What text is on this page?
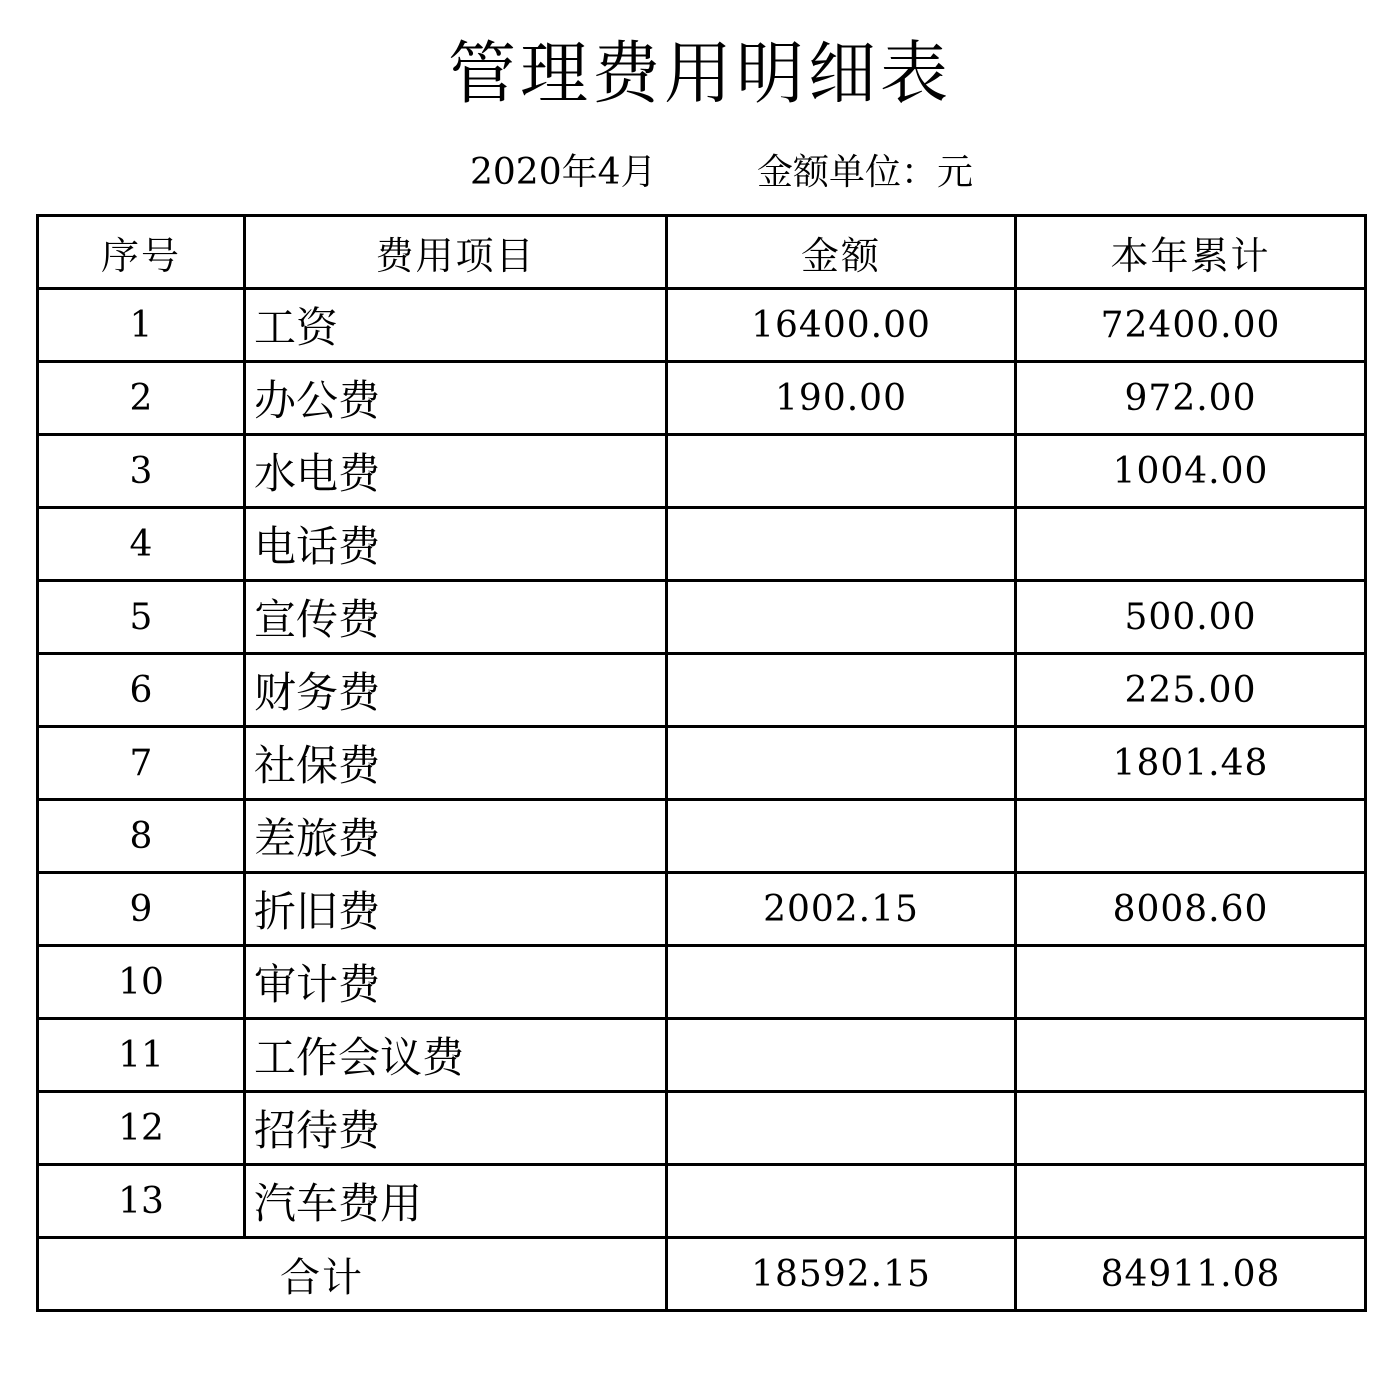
管理费用明细表
2020年4月	金额单位：元
序号	费用项目	金额	本年累计
1	工资	16400.00	72400.00
2	办公费	190.00	972.00
3	水电费		1004.00
4	电话费		
5	宣传费		500.00
6	财务费		225.00
7	社保费		1801.48
8	差旅费		
9	折旧费	2002.15	8008.60
10	审计费		
11	工作会议费		
12	招待费		
13	汽车费用		
合计		18592.15	84911.08
